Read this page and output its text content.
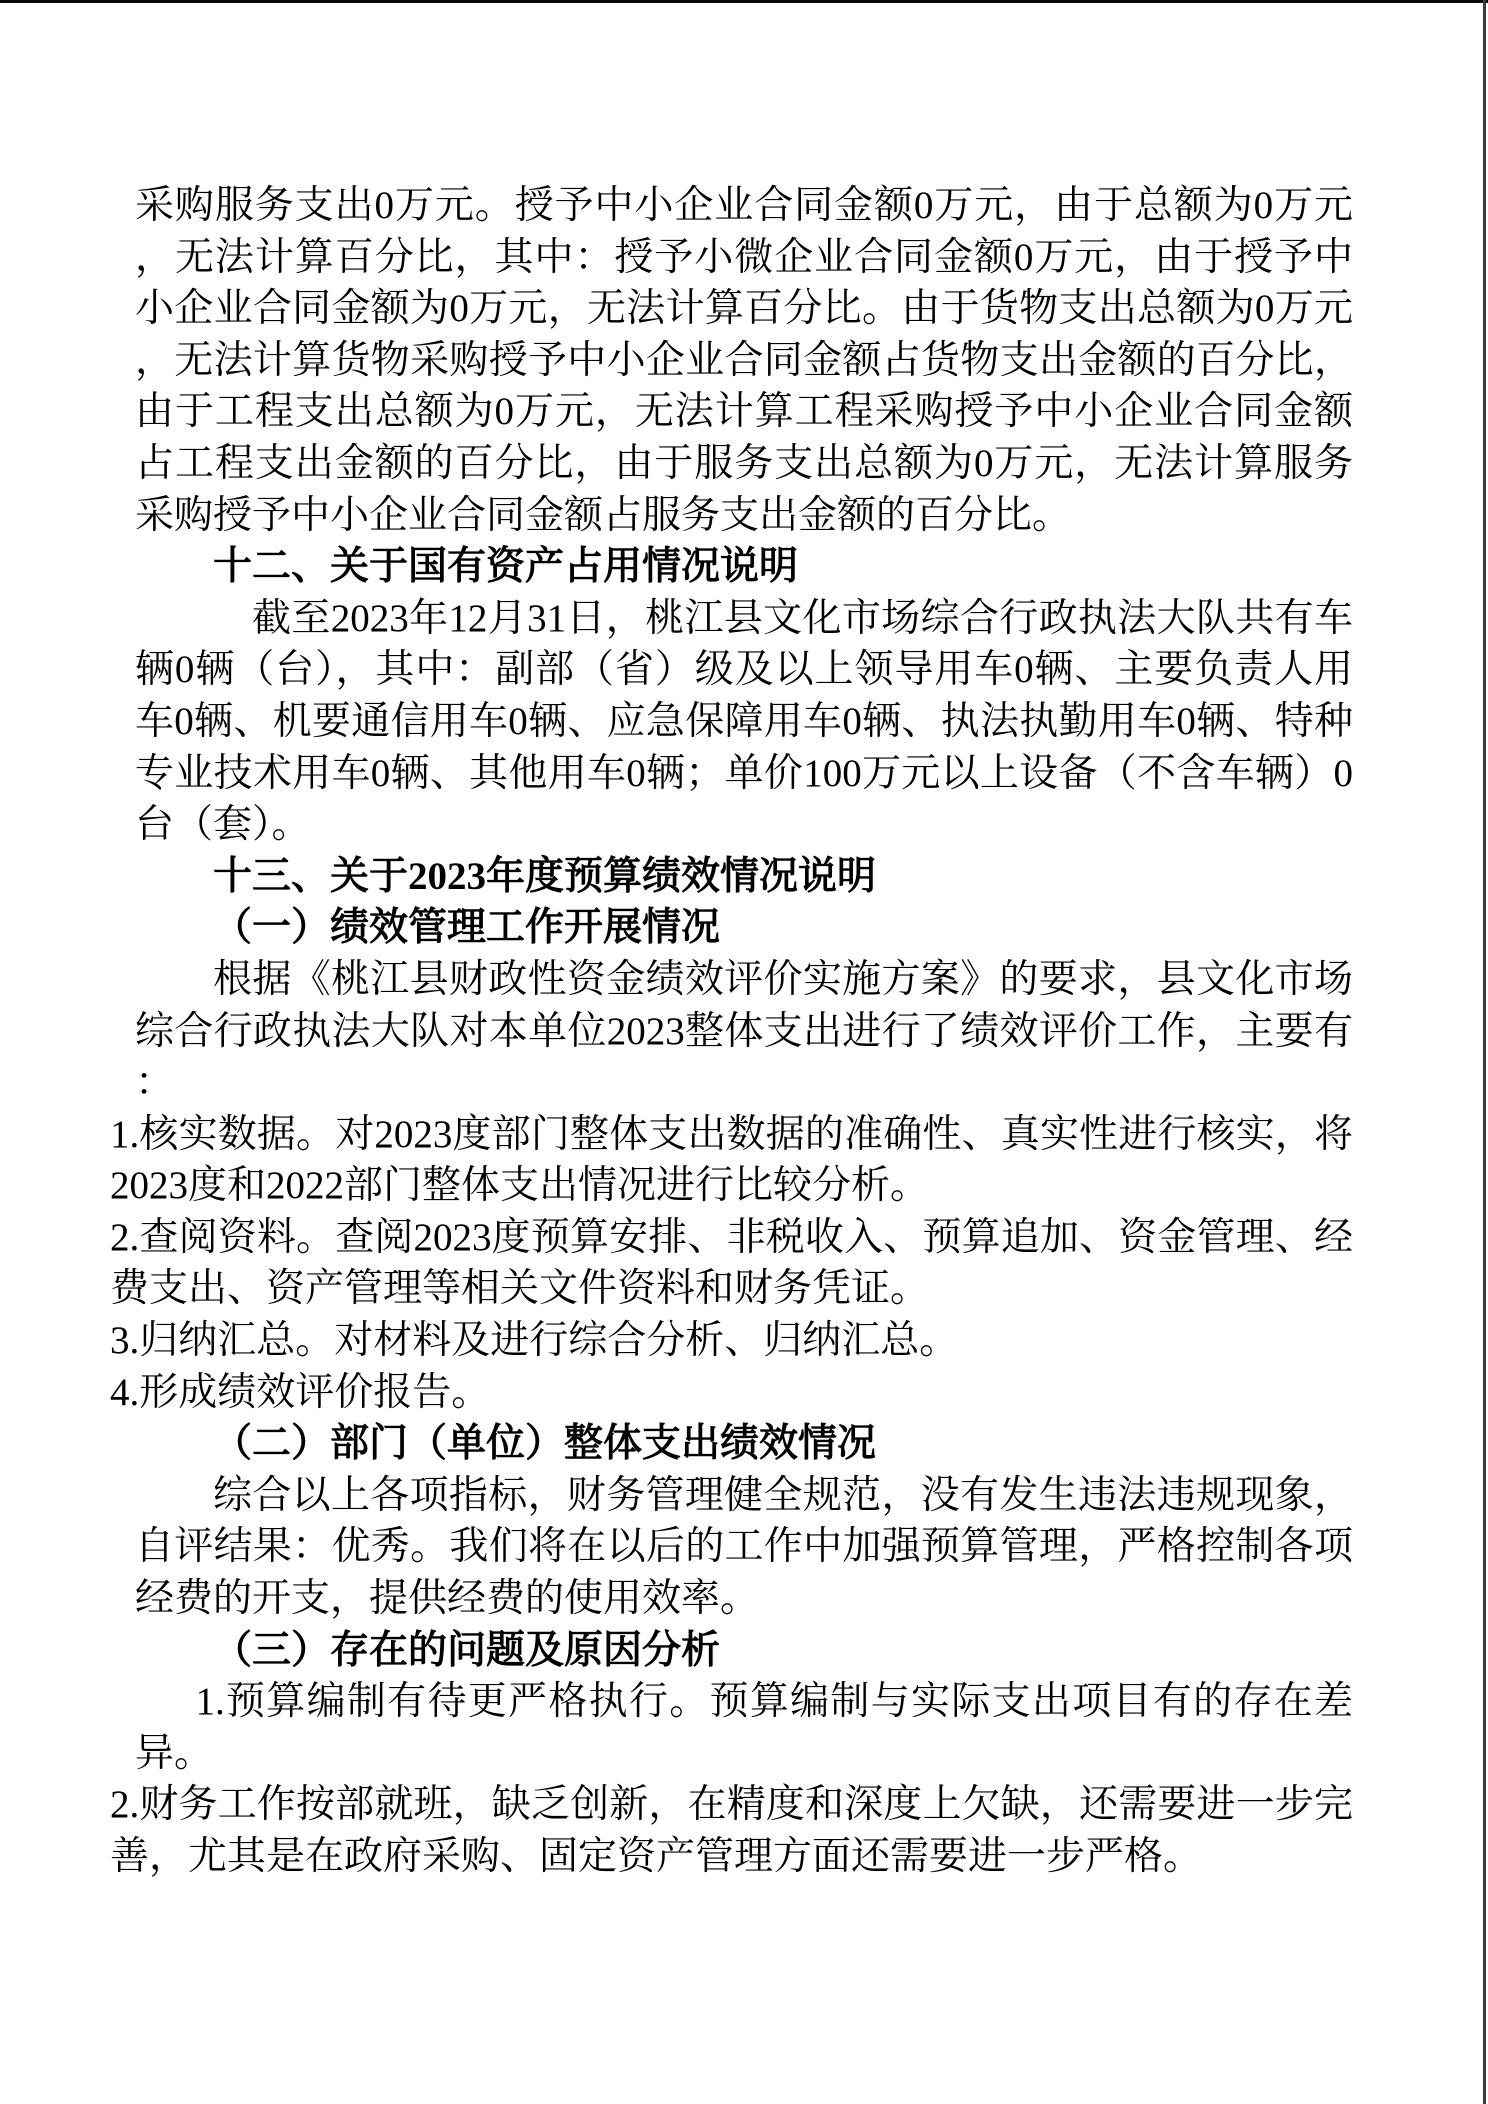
采购服务支出0万元。授予中小企业合同金额0万元，由于总额为0万元，无法计算百分比，其中：授予小微企业合同金额0万元，由于授予中小企业合同金额为0万元，无法计算百分比。由于货物支出总额为0万元，无法计算货物采购授予中小企业合同金额占货物支出金额的百分比，由于工程支出总额为0万元，无法计算工程采购授予中小企业合同金额占工程支出金额的百分比，由于服务支出总额为0万元，无法计算服务采购授予中小企业合同金额占服务支出金额的百分比。

十二、关于国有资产占用情况说明

截至2023年12月31日，桃江县文化市场综合行政执法大队共有车辆0辆（台），其中：副部（省）级及以上领导用车0辆、主要负责人用车0辆、机要通信用车0辆、应急保障用车0辆、执法执勤用车0辆、特种专业技术用车0辆、其他用车0辆；单价100万元以上设备（不含车辆）0台（套）。

十三、关于2023年度预算绩效情况说明

（一）绩效管理工作开展情况

根据《桃江县财政性资金绩效评价实施方案》的要求，县文化市场综合行政执法大队对本单位2023整体支出进行了绩效评价工作，主要有：

1.核实数据。对2023度部门整体支出数据的准确性、真实性进行核实，将2023度和2022部门整体支出情况进行比较分析。

2.查阅资料。查阅2023度预算安排、非税收入、预算追加、资金管理、经费支出、资产管理等相关文件资料和财务凭证。

3.归纳汇总。对材料及进行综合分析、归纳汇总。

4.形成绩效评价报告。

（二）部门（单位）整体支出绩效情况

综合以上各项指标，财务管理健全规范，没有发生违法违规现象，自评结果：优秀。我们将在以后的工作中加强预算管理，严格控制各项经费的开支，提供经费的使用效率。

（三）存在的问题及原因分析

1.预算编制有待更严格执行。预算编制与实际支出项目有的存在差异。

2.财务工作按部就班，缺乏创新，在精度和深度上欠缺，还需要进一步完善，尤其是在政府采购、固定资产管理方面还需要进一步严格。
